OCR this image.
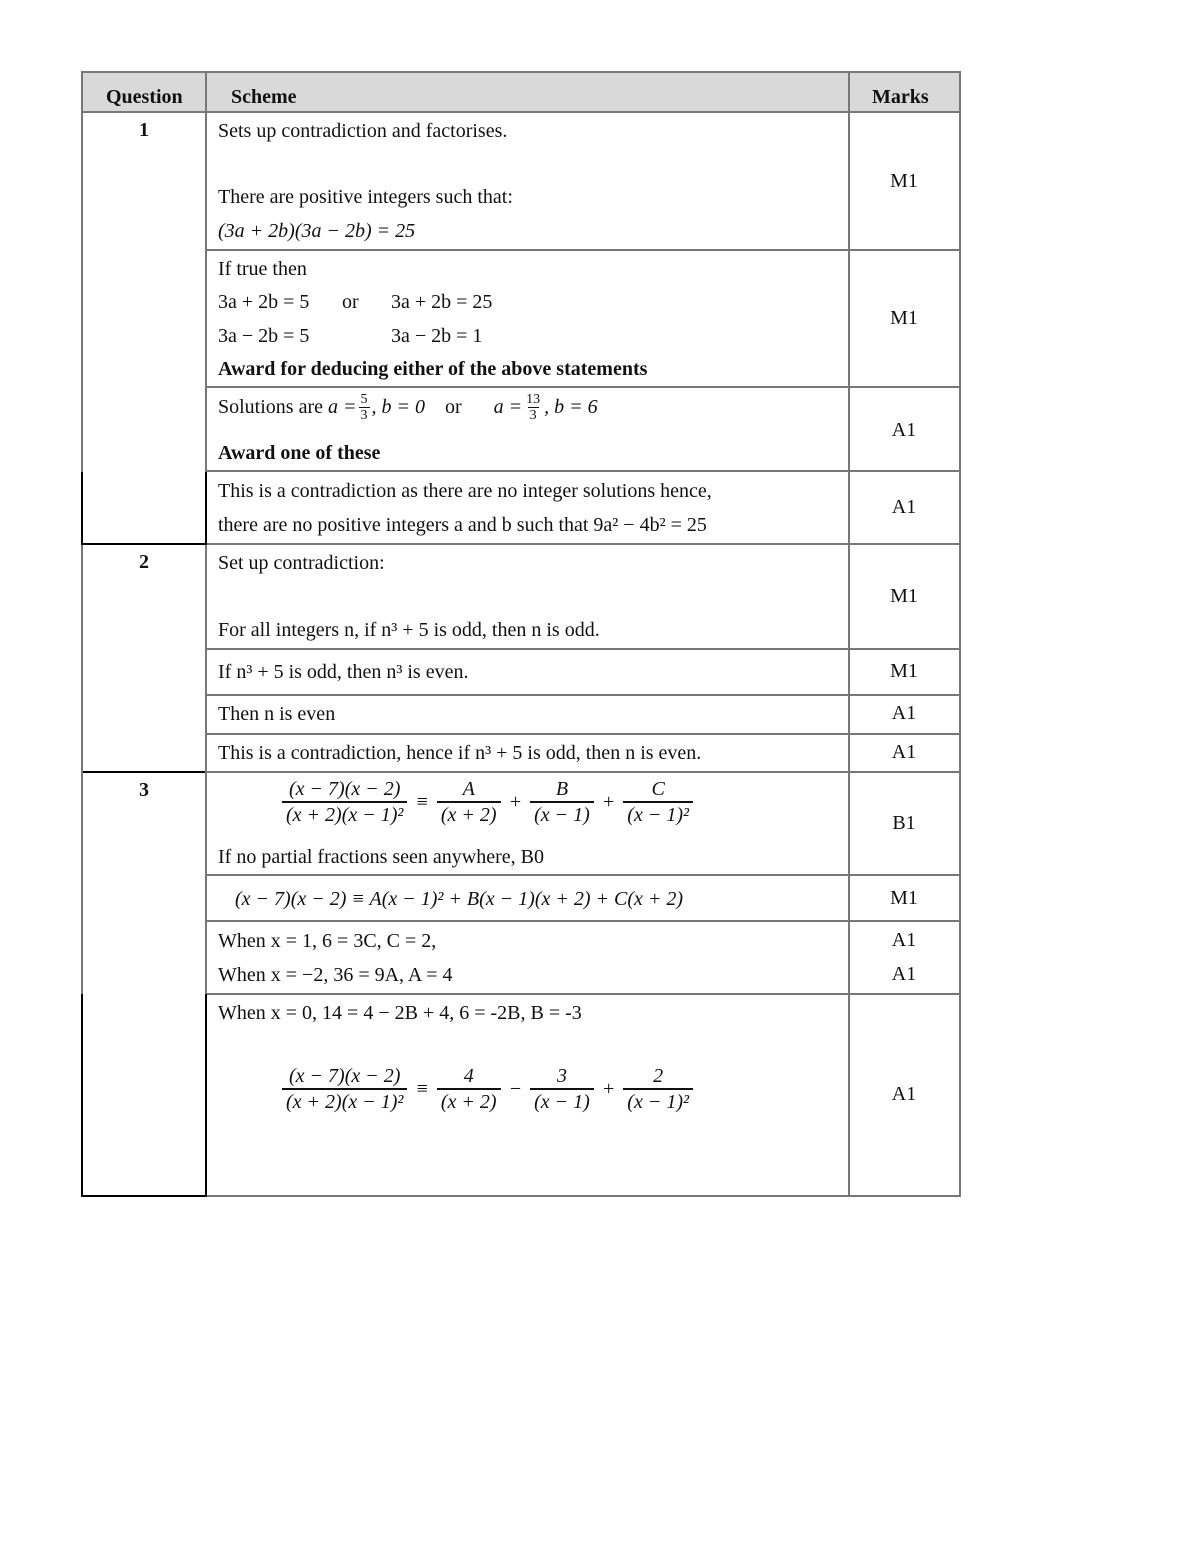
Question Scheme	Marks
1	Sets up contradiction and factorises.
There are positive integers such that:
(3a + 2b)(3a − 2b) = 25
M1
If true then
3a + 2b = 5 or 3a + 2b = 25
3a − 2b = 5	3a − 2b = 1
Award for deducing either of the above statements
M1
Solutions are
$a = \frac{5}{3}$ , b = 0 or $a = \frac{13}{3}$ , b = 6
Award one of these
A1
This is a contradiction as there are no integer solutions hence,
there are no positive integers a and b such that 9a² − 4b² = 25
A1
2	Set up contradiction:
For all integers n, if n³ + 5 is odd, then n is odd.
M1
If n³ + 5 is odd, then n³ is even.	M1
Then n is even	A1
This is a contradiction, hence if n³ + 5 is odd, then n is even.	A1
3	$\frac{(x - 7)(x - 2)}{\text{(x + 2)(x − 1)²}} \equiv \frac{A}{(x + 2)} + \frac{B}{(x - 1)} + \frac{C}{\text{(x − 1)²}}$
If no partial fractions seen anywhere, B0
B1
(x − 7)(x − 2) ≡ A(x − 1)² + B(x − 1)(x + 2) + C(x + 2)	M1
When x = 1, 6 = 3C, C = 2,
When x = −2, 36 = 9A, A = 4
A1
A1
When x = 0, 14 = 4 − 2B + 4, 6 = -2B, B = -3
$\frac{(x - 7)(x - 2)}{\text{(x + 2)(x − 1)²}} \equiv \frac{4}{(x + 2)} - \frac{3}{(x - 1)} + \frac{2}{\text{(x − 1)²}}$	A1
